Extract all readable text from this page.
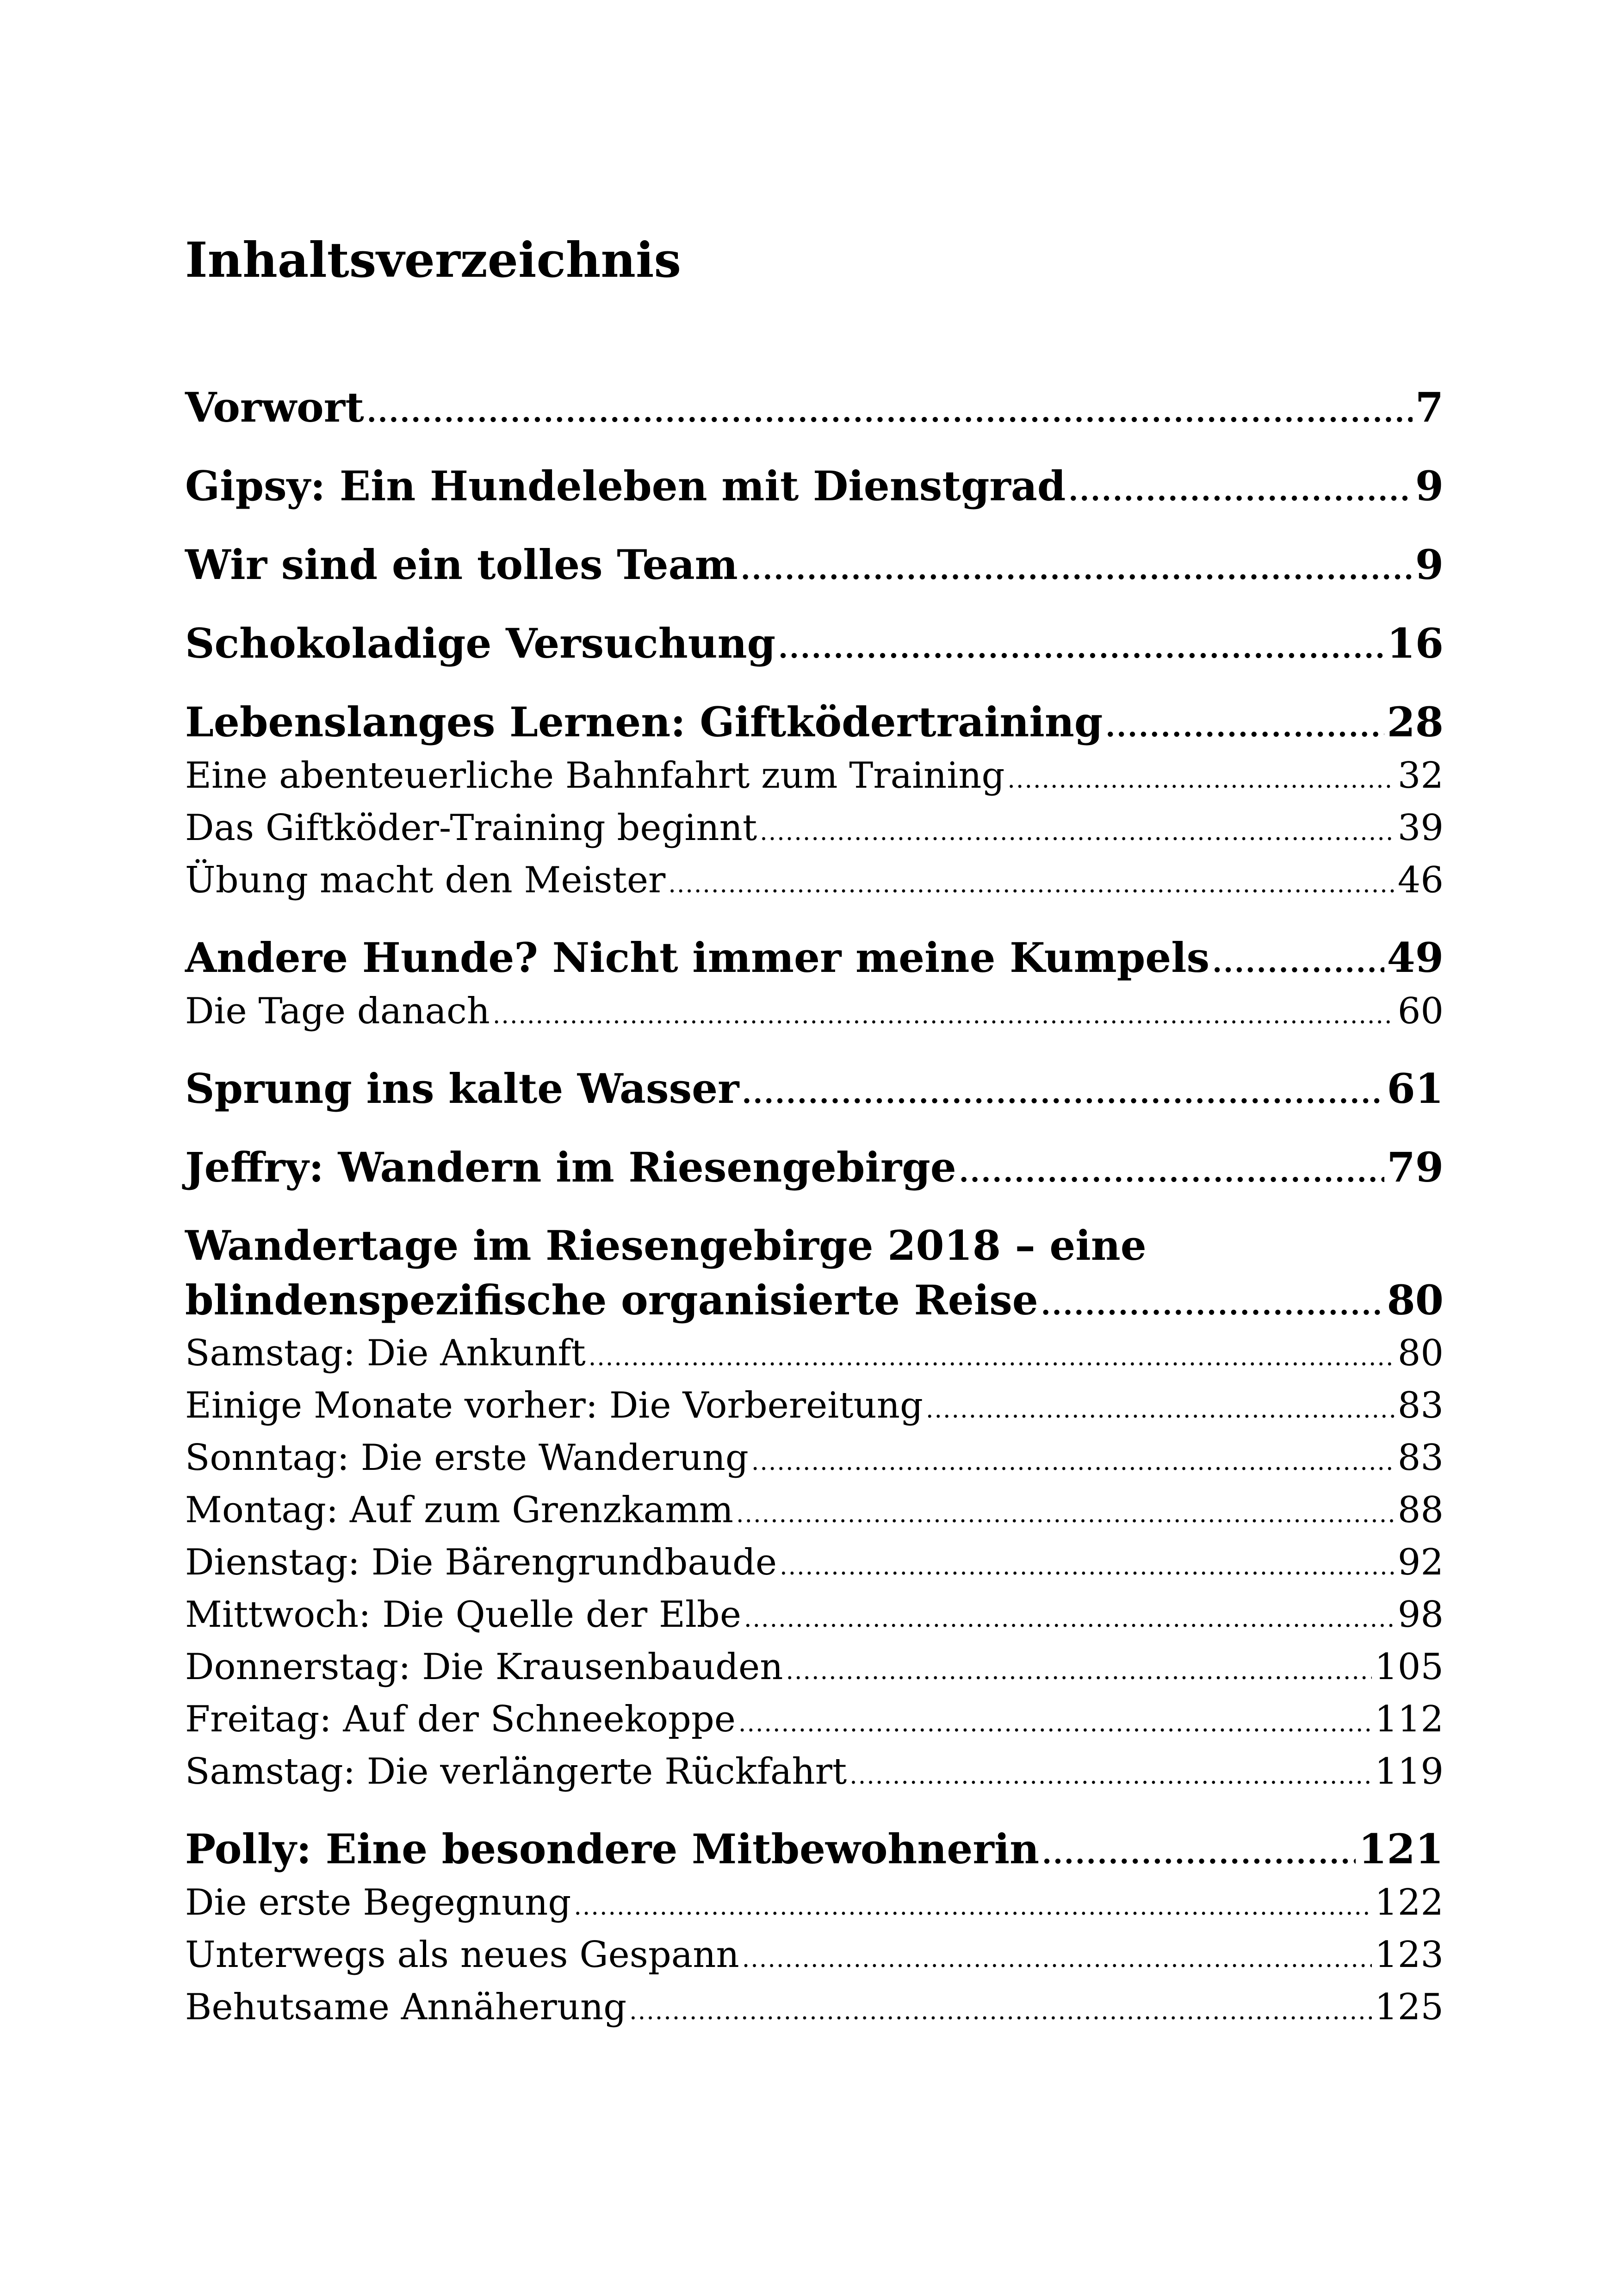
Inhaltsverzeichnis
Vorwort .....	7
Gipsy: Ein Hundeleben mit Dienstgrad .....	9
Wir sind ein tolles Team .....	9
Schokoladige Versuchung .....	16
Lebenslanges Lernen: Giftködertraining .....	28
Eine abenteuerliche Bahnfahrt zum Training .....	32
Das Giftköder-Training beginnt .....	39
Übung macht den Meister .....	46
Andere Hunde? Nicht immer meine Kumpels .....	49
Die Tage danach .....	60
Sprung ins kalte Wasser .....	61
Jeffry: Wandern im Riesengebirge .....	79
Wandertage im Riesengebirge 2018 – eine
blindenspezifische organisierte Reise .....	80
Samstag: Die Ankunft .....	80
Einige Monate vorher: Die Vorbereitung .....	83
Sonntag: Die erste Wanderung .....	83
Montag: Auf zum Grenzkamm .....	88
Dienstag: Die Bärengrundbaude .....	92
Mittwoch: Die Quelle der Elbe .....	98
Donnerstag: Die Krausenbauden .....	105
Freitag: Auf der Schneekoppe .....	112
Samstag: Die verlängerte Rückfahrt .....	119
Polly: Eine besondere Mitbewohnerin .....	121
Die erste Begegnung .....	122
Unterwegs als neues Gespann .....	123
Behutsame Annäherung .....	125
